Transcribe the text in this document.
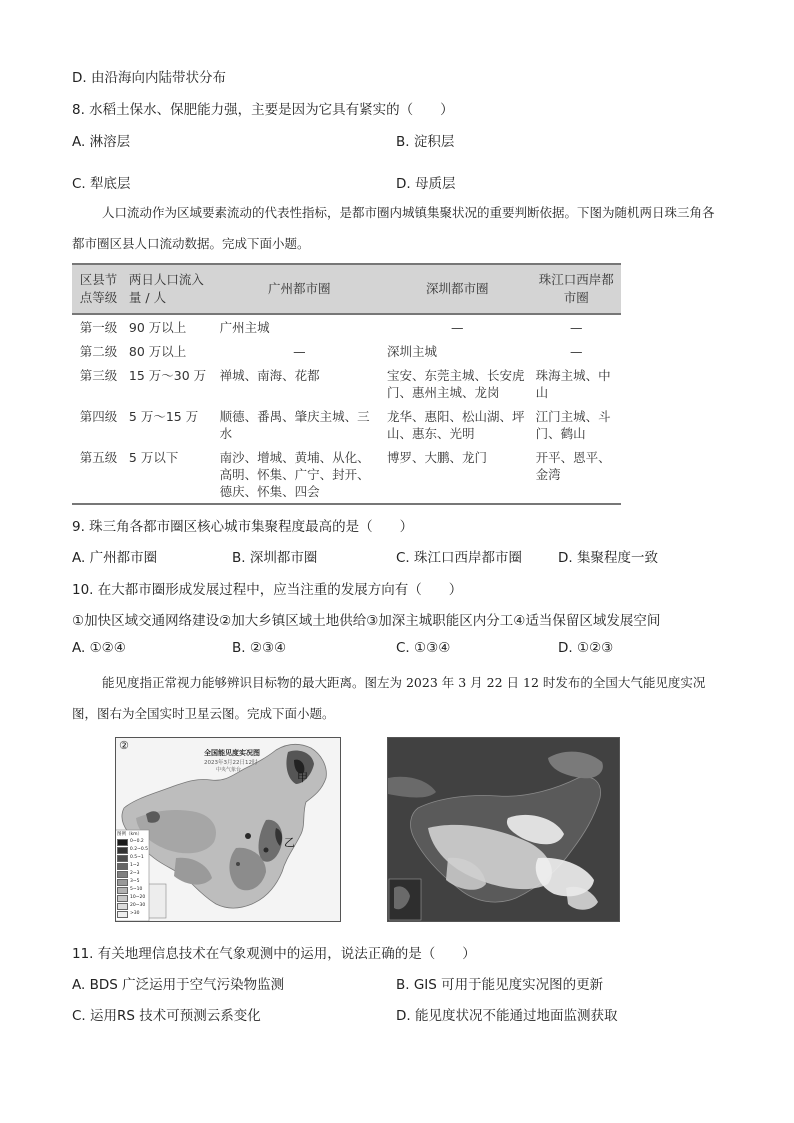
D. 由沿海向内陆带状分布
8. 水稻土保水、保肥能力强，主要是因为它具有紧实的（　　）
A. 淋溶层	B. 淀积层
C. 犁底层	D. 母质层
人口流动作为区域要素流动的代表性指标，是都市圈内城镇集聚状况的重要判断依据。下图为随机两日珠三角各都市圈区县人口流动数据。完成下面小题。
区县节点等级	两日人口流入量 / 人	广州都市圈	深圳都市圈	珠江口西岸都市圈
第一级	90 万以上	广州主城	—	—
第二级	80 万以上	—	深圳主城	—
第三级	15 万～30 万	禅城、南海、花都	宝安、东莞主城、长安虎门、惠州主城、龙岗	珠海主城、中山
第四级	5 万～15 万	顺德、番禺、肇庆主城、三水	龙华、惠阳、松山湖、坪山、惠东、光明	江门主城、斗门、鹤山
第五级	5 万以下	南沙、增城、黄埔、从化、高明、怀集、广宁、封开、德庆、怀集、四会	博罗、大鹏、龙门	开平、恩平、金湾
9. 珠三角各都市圈区核心城市集聚程度最高的是（　　）
A. 广州都市圈	B. 深圳都市圈	C. 珠江口西岸都市圈	D. 集聚程度一致
10. 在大都市圈形成发展过程中，应当注重的发展方向有（　　）
①加快区域交通网络建设②加大乡镇区域土地供给③加深主城职能区内分工④适当保留区域发展空间
A. ①②④	B. ②③④	C. ①③④	D. ①②③
能见度指正常视力能够辨识目标物的最大距离。图左为 2023 年 3 月 22 日 12 时发布的全国大气能见度实况图，图右为全国实时卫星云图。完成下面小题。
②
全国能见度实况图
2023年3月22日12时
中央气象台
甲
乙
图例（km）
0~0.2
0.2~0.5
0.5~1
1~2
2~3
3~5
5~10
10~20
20~30
>30
11. 有关地理信息技术在气象观测中的运用，说法正确的是（　　）
A. BDS 广泛运用于空气污染物监测	B. GIS 可用于能见度实况图的更新
C. 运用RS 技术可预测云系变化	D. 能见度状况不能通过地面监测获取
